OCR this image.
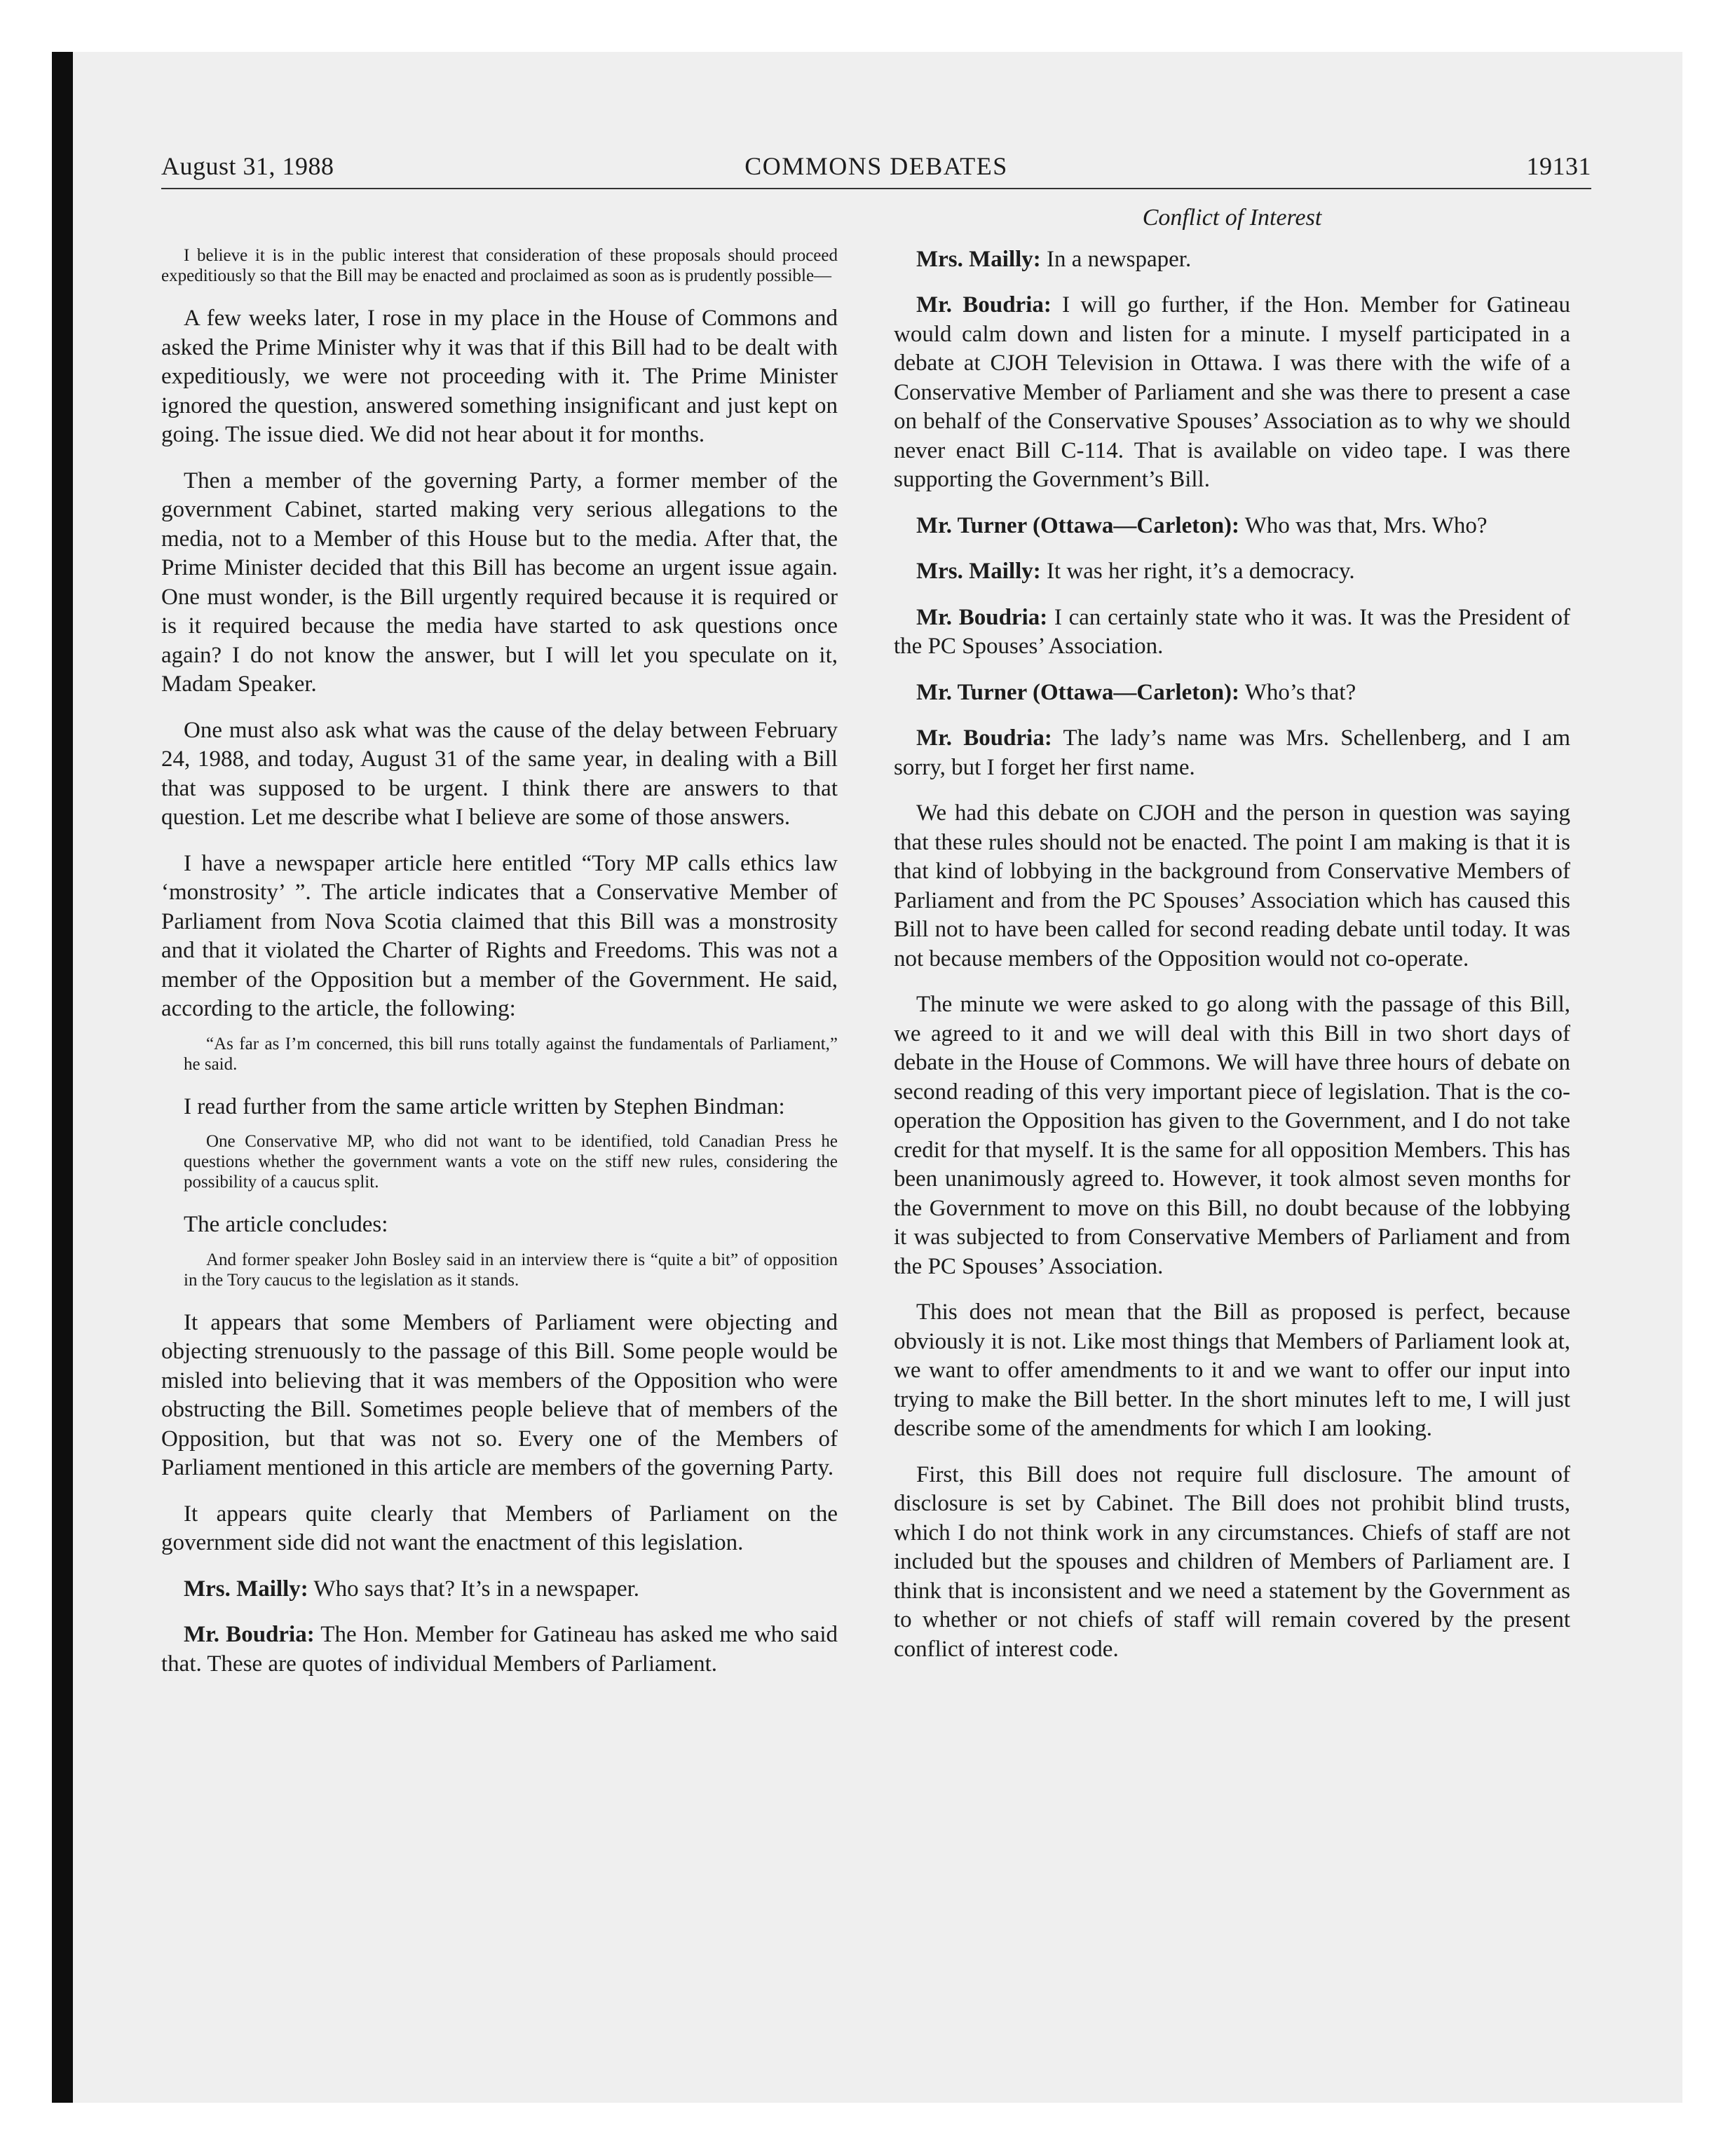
August 31, 1988	COMMONS DEBATES	19131

I believe it is in the public interest that consideration of these proposals should proceed expeditiously so that the Bill may be enacted and proclaimed as soon as is prudently possible—

A few weeks later, I rose in my place in the House of Commons and asked the Prime Minister why it was that if this Bill had to be dealt with expeditiously, we were not proceeding with it. The Prime Minister ignored the question, answered something insignificant and just kept on going. The issue died. We did not hear about it for months.

Then a member of the governing Party, a former member of the government Cabinet, started making very serious allegations to the media, not to a Member of this House but to the media. After that, the Prime Minister decided that this Bill has become an urgent issue again. One must wonder, is the Bill urgently required because it is required or is it required because the media have started to ask questions once again? I do not know the answer, but I will let you speculate on it, Madam Speaker.

One must also ask what was the cause of the delay between February 24, 1988, and today, August 31 of the same year, in dealing with a Bill that was supposed to be urgent. I think there are answers to that question. Let me describe what I believe are some of those answers.

I have a newspaper article here entitled “Tory MP calls ethics law ‘monstrosity’ ”. The article indicates that a Conservative Member of Parliament from Nova Scotia claimed that this Bill was a monstrosity and that it violated the Charter of Rights and Freedoms. This was not a member of the Opposition but a member of the Government. He said, according to the article, the following:

“As far as I’m concerned, this bill runs totally against the fundamentals of Parliament,” he said.

I read further from the same article written by Stephen Bindman:

One Conservative MP, who did not want to be identified, told Canadian Press he questions whether the government wants a vote on the stiff new rules, considering the possibility of a caucus split.

The article concludes:

And former speaker John Bosley said in an interview there is “quite a bit” of opposition in the Tory caucus to the legislation as it stands.

It appears that some Members of Parliament were objecting and objecting strenuously to the passage of this Bill. Some people would be misled into believing that it was members of the Opposition who were obstructing the Bill. Sometimes people believe that of members of the Opposition, but that was not so. Every one of the Members of Parliament mentioned in this article are members of the governing Party.

It appears quite clearly that Members of Parliament on the government side did not want the enactment of this legislation.

Mrs. Mailly: Who says that? It’s in a newspaper.

Mr. Boudria: The Hon. Member for Gatineau has asked me who said that. These are quotes of individual Members of Parliament.

Conflict of Interest

Mrs. Mailly: In a newspaper.

Mr. Boudria: I will go further, if the Hon. Member for Gatineau would calm down and listen for a minute. I myself participated in a debate at CJOH Television in Ottawa. I was there with the wife of a Conservative Member of Parliament and she was there to present a case on behalf of the Conservative Spouses’ Association as to why we should never enact Bill C-114. That is available on video tape. I was there supporting the Government’s Bill.

Mr. Turner (Ottawa—Carleton): Who was that, Mrs. Who?

Mrs. Mailly: It was her right, it’s a democracy.

Mr. Boudria: I can certainly state who it was. It was the President of the PC Spouses’ Association.

Mr. Turner (Ottawa—Carleton): Who’s that?

Mr. Boudria: The lady’s name was Mrs. Schellenberg, and I am sorry, but I forget her first name.

We had this debate on CJOH and the person in question was saying that these rules should not be enacted. The point I am making is that it is that kind of lobbying in the background from Conservative Members of Parliament and from the PC Spouses’ Association which has caused this Bill not to have been called for second reading debate until today. It was not because members of the Opposition would not co-operate.

The minute we were asked to go along with the passage of this Bill, we agreed to it and we will deal with this Bill in two short days of debate in the House of Commons. We will have three hours of debate on second reading of this very important piece of legislation. That is the co-operation the Opposition has given to the Government, and I do not take credit for that myself. It is the same for all opposition Members. This has been unanimously agreed to. However, it took almost seven months for the Government to move on this Bill, no doubt because of the lobbying it was subjected to from Conservative Members of Parliament and from the PC Spouses’ Association.

This does not mean that the Bill as proposed is perfect, because obviously it is not. Like most things that Members of Parliament look at, we want to offer amendments to it and we want to offer our input into trying to make the Bill better. In the short minutes left to me, I will just describe some of the amendments for which I am looking.

First, this Bill does not require full disclosure. The amount of disclosure is set by Cabinet. The Bill does not prohibit blind trusts, which I do not think work in any circumstances. Chiefs of staff are not included but the spouses and children of Members of Parliament are. I think that is inconsistent and we need a statement by the Government as to whether or not chiefs of staff will remain covered by the present conflict of interest code.
